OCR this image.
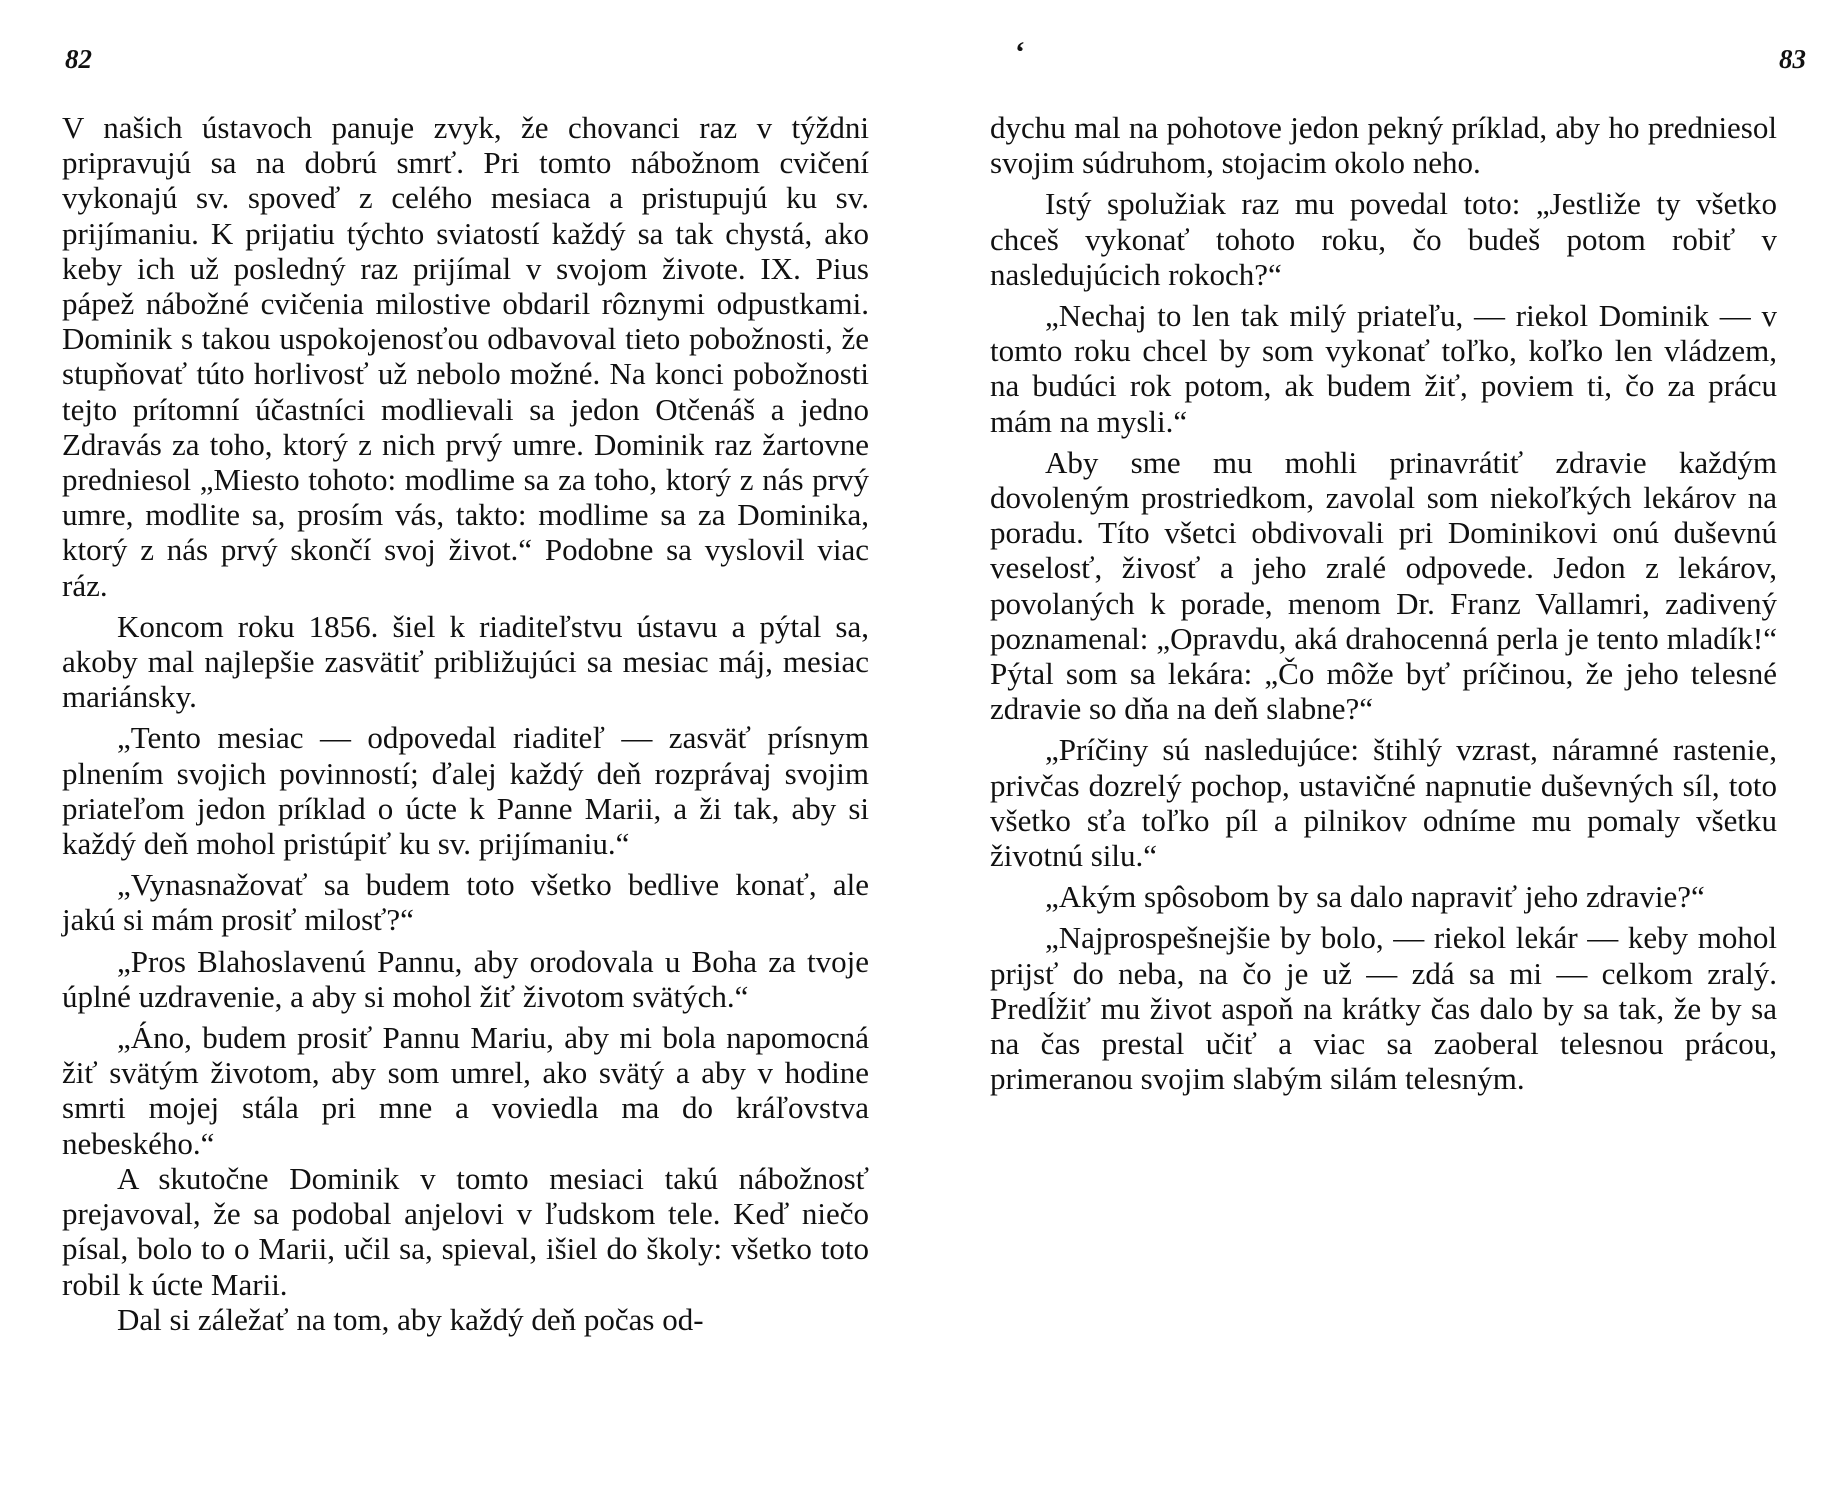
82

V našich ústavoch panuje zvyk, že chovanci raz v týždni pripravujú sa na dobrú smrť. Pri tomto nábožnom cvičení vykonajú sv. spoveď z celého mesiaca a pristupujú ku sv. prijímaniu. K prijatiu týchto sviatostí každý sa tak chystá, ako keby ich už posledný raz prijímal v svojom živote. IX. Pius pápež nábožné cvičenia milostive obdaril rôznymi odpustkami. Dominik s takou uspokojenosťou odbavoval tieto pobožnosti, že stupňovať túto horlivosť už nebolo možné. Na konci pobožnosti tejto prítomní účastníci modlievali sa jedon Otčenáš a jedno Zdravás za toho, ktorý z nich prvý umre. Dominik raz žartovne predniesol „Miesto tohoto: modlime sa za toho, ktorý z nás prvý umre, modlite sa, prosím vás, takto: modlime sa za Dominika, ktorý z nás prvý skončí svoj život.“ Podobne sa vyslovil viac ráz.

Koncom roku 1856. šiel k riaditeľstvu ústavu a pýtal sa, akoby mal najlepšie zasvätiť približujúci sa mesiac máj, mesiac mariánsky.

„Tento mesiac — odpovedal riaditeľ — zasväť prísnym plnením svojich povinností; ďalej každý deň rozprávaj svojim priateľom jedon príklad o úcte k Panne Marii, a ži tak, aby si každý deň mohol pristúpiť ku sv. prijímaniu.“

„Vynasnažovať sa budem toto všetko bedlive konať, ale jakú si mám prosiť milosť?“

„Pros Blahoslavenú Pannu, aby orodovala u Boha za tvoje úplné uzdravenie, a aby si mohol žiť životom svätých.“

„Áno, budem prosiť Pannu Mariu, aby mi bola napomocná žiť svätým životom, aby som umrel, ako svätý a aby v hodine smrti mojej stála pri mne a voviedla ma do kráľovstva nebeského.“

A skutočne Dominik v tomto mesiaci takú nábožnosť prejavoval, že sa podobal anjelovi v ľudskom tele. Keď niečo písal, bolo to o Marii, učil sa, spieval, išiel do školy: všetko toto robil k úcte Marii.

Dal si záležať na tom, aby každý deň počas od-

‘	83

dychu mal na pohotove jedon pekný príklad, aby ho predniesol svojim súdruhom, stojacim okolo neho.

Istý spolužiak raz mu povedal toto: „Jestliže ty všetko chceš vykonať tohoto roku, čo budeš potom robiť v nasledujúcich rokoch?“

„Nechaj to len tak milý priateľu, — riekol Dominik — v tomto roku chcel by som vykonať toľko, koľko len vládzem, na budúci rok potom, ak budem žiť, poviem ti, čo za prácu mám na mysli.“

Aby sme mu mohli prinavrátiť zdravie každým dovoleným prostriedkom, zavolal som niekoľkých lekárov na poradu. Títo všetci obdivovali pri Dominikovi onú duševnú veselosť, živosť a jeho zralé odpovede. Jedon z lekárov, povolaných k porade, menom Dr. Franz Vallamri, zadivený poznamenal: „Opravdu, aká drahocenná perla je tento mladík!“ Pýtal som sa lekára: „Čo môže byť príčinou, že jeho telesné zdravie so dňa na deň slabne?“

„Príčiny sú nasledujúce: štihlý vzrast, náramné rastenie, privčas dozrelý pochop, ustavičné napnutie duševných síl, toto všetko sťa toľko píl a pilnikov odníme mu pomaly všetku životnú silu.“

„Akým spôsobom by sa dalo napraviť jeho zdravie?“

„Najprospešnejšie by bolo, — riekol lekár — keby mohol prijsť do neba, na čo je už — zdá sa mi — celkom zralý. Predĺžiť mu život aspoň na krátky čas dalo by sa tak, že by sa na čas prestal učiť a viac sa zaoberal telesnou prácou, primeranou svojim slabým silám telesným.
